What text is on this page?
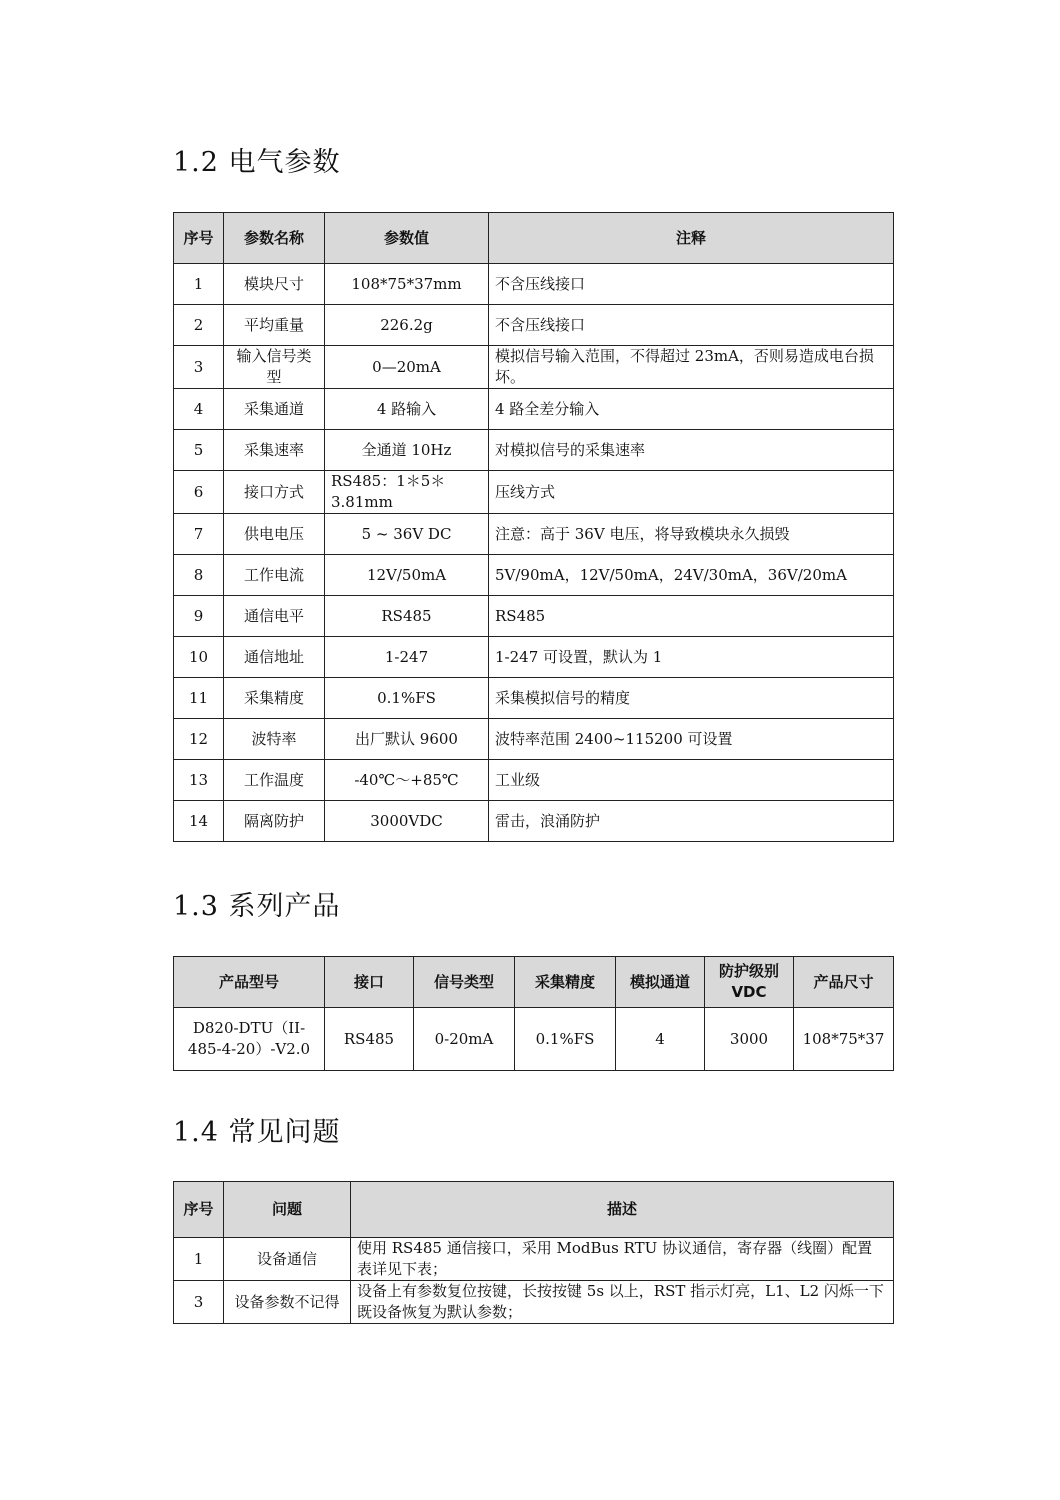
1.2 电气参数
序号	参数名称	参数值	注释
1	模块尺寸	108*75*37mm	不含压线接口
2	平均重量	226.2g	不含压线接口
3	输入信号类型	0—20mA	模拟信号输入范围，不得超过 23mA，否则易造成电台损坏。
4	采集通道	4 路输入	4 路全差分输入
5	采集速率	全通道 10Hz	对模拟信号的采集速率
6	接口方式	RS485：1＊5＊3.81mm	压线方式
7	供电电压	5 ~ 36V DC	注意：高于 36V 电压，将导致模块永久损毁
8	工作电流	12V/50mA	5V/90mA，12V/50mA，24V/30mA，36V/20mA
9	通信电平	RS485	RS485
10	通信地址	1-247	1-247 可设置，默认为 1
11	采集精度	0.1%FS	采集模拟信号的精度
12	波特率	出厂默认 9600	波特率范围 2400~115200 可设置
13	工作温度	-40℃～+85℃	工业级
14	隔离防护	3000VDC	雷击，浪涌防护
1.3 系列产品
产品型号	接口	信号类型	采集精度	模拟通道	防护级别VDC	产品尺寸
D820-DTU（II-485-4-20）-V2.0	RS485	0-20mA	0.1%FS	4	3000	108*75*37
1.4 常见问题
序号	问题	描述
1	设备通信	使用 RS485 通信接口，采用 ModBus RTU 协议通信，寄存器（线圈）配置表详见下表；
3	设备参数不记得	设备上有参数复位按键，长按按键 5s 以上，RST 指示灯亮，L1、L2 闪烁一下既设备恢复为默认参数；
